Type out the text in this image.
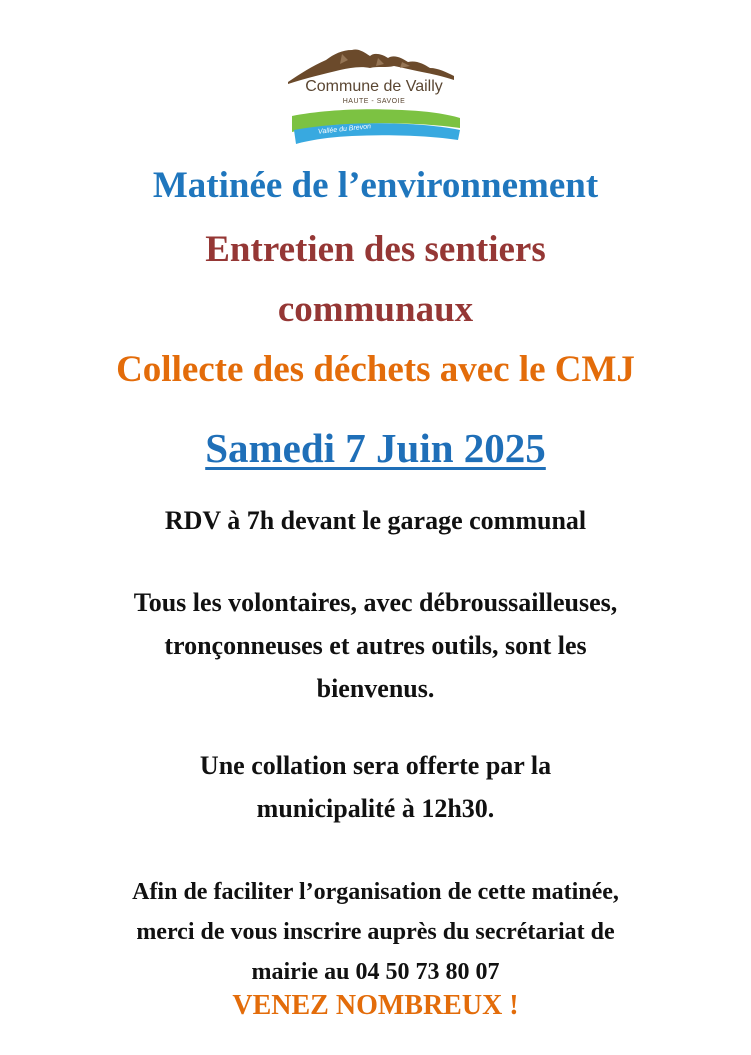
Commune de Vailly
HAUTE - SAVOIE
Vallée du Brevon
Matinée de l’environnement
Entretien des sentiers
communaux
Collecte des déchets avec le CMJ
Samedi 7 Juin 2025
RDV à 7h devant le garage communal
Tous les volontaires, avec débroussailleuses,
tronçonneuses et autres outils, sont les
bienvenus.
Une collation sera offerte par la
municipalité à 12h30.
Afin de faciliter l’organisation de cette matinée,
merci de vous inscrire auprès du secrétariat de
mairie au 04 50 73 80 07
VENEZ NOMBREUX !
